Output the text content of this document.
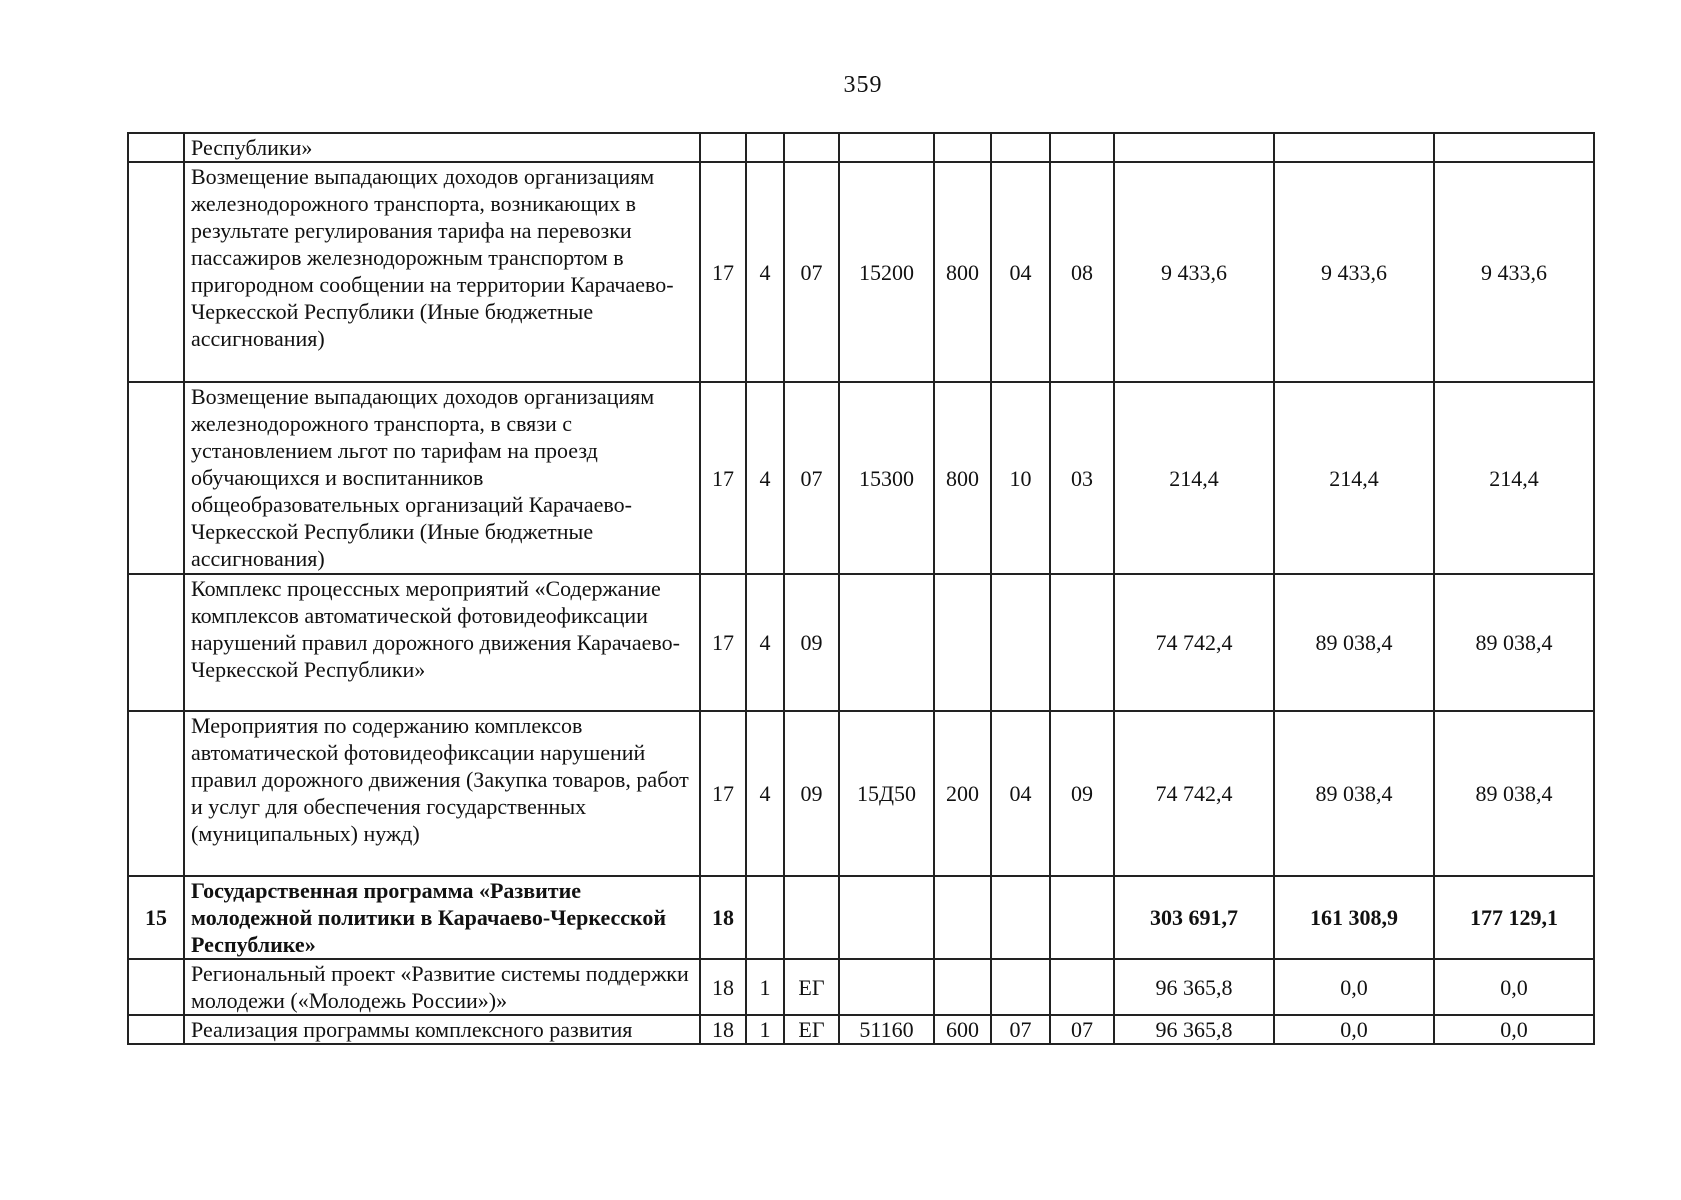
359
	Республики»										
	Возмещение выпадающих доходов организациям железнодорожного транспорта, возникающих в результате регулирования тарифа на перевозки пассажиров железнодорожным транспортом в пригородном сообщении на территории Карачаево-Черкесской Республики (Иные бюджетные ассигнования)	17	4	07	15200	800	04	08	9 433,6	9 433,6	9 433,6
	Возмещение выпадающих доходов организациям железнодорожного транспорта, в связи с установлением льгот по тарифам на проезд обучающихся и воспитанников общеобразовательных организаций Карачаево-Черкесской Республики (Иные бюджетные ассигнования)	17	4	07	15300	800	10	03	214,4	214,4	214,4
	Комплекс процессных мероприятий «Содержание комплексов автоматической фотовидеофиксации нарушений правил дорожного движения Карачаево-Черкесской Республики»	17	4	09					74 742,4	89 038,4	89 038,4
	Мероприятия по содержанию комплексов автоматической фотовидеофиксации нарушений правил дорожного движения (Закупка товаров, работ и услуг для обеспечения государственных (муниципальных) нужд)	17	4	09	15Д50	200	04	09	74 742,4	89 038,4	89 038,4
15	Государственная программа «Развитие молодежной политики в Карачаево-Черкесской Республике»	18							303 691,7	161 308,9	177 129,1
	Региональный проект «Развитие системы поддержки молодежи («Молодежь России»)»	18	1	ЕГ					96 365,8	0,0	0,0
	Реализация программы комплексного развития	18	1	ЕГ	51160	600	07	07	96 365,8	0,0	0,0
